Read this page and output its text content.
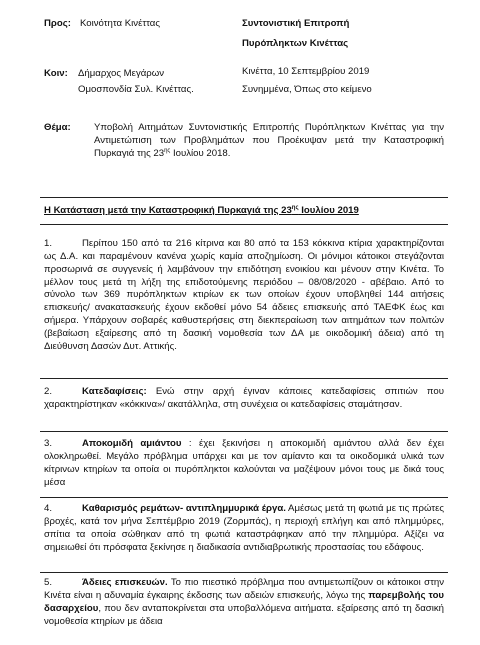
Προς: Κοινότητα Κινέττας
Κοιν: Δήμαρχος Μεγάρων
Ομοσπονδία Συλ. Κινέττας.
Συντονιστική Επιτροπή
Πυρόπληκτων Κινέττας
Κινέττα, 10 Σεπτεμβρίου 2019
Συνημμένα, Όπως στο κείμενο
Θέμα:	Υποβολή Αιτημάτων Συντονιστικής Επιτροπής Πυρόπληκτων Κινέττας για την Αντιμετώπιση των Προβλημάτων που Προέκυψαν μετά την Καταστροφική Πυρκαγιά της $23^{\eta\varsigma}$ Ιουλίου 2018.
Η Κατάσταση μετά την Καταστροφική Πυρκαγιά της $23^{\eta\varsigma}$ Ιουλίου 2019
1.	Περίπου 150 από τα 216 κίτρινα και 80 από τα 153 κόκκινα κτίρια χαρακτηρίζονται ως Δ.Α. και παραμένουν κανένα χωρίς καμία αποζημίωση. Οι μόνιμοι κάτοικοι στεγάζονται προσωρινά σε συγγενείς ή λαμβάνουν την επιδότηση ενοικίου και μένουν στην Κινέτα. Το μέλλον τους μετά τη λήξη της επιδοτούμενης περιόδου – 08/08/2020 - αβέβαιο. Από το σύνολο των 369 πυρόπληκτων κτιρίων εκ των οποίων έχουν υποβληθεί 144 αιτήσεις επισκευής/ ανακατασκευής έχουν εκδοθεί μόνο 54 άδειες επισκευής από ΤΑΕΦΚ έως και σήμερα. Υπάρχουν σοβαρές καθυστερήσεις στη διεκπεραίωση των αιτημάτων των πολιτών (βεβαίωση εξαίρεσης από τη δασική νομοθεσία των ΔΑ με οικοδομική άδεια) από τη Διεύθυνση Δασών Δυτ. Αττικής.
2.	Κατεδαφίσεις: Ενώ στην αρχή έγιναν κάποιες κατεδαφίσεις σπιτιών που χαρακτηρίστηκαν «κόκκινα»/ ακατάλληλα, στη συνέχεια οι κατεδαφίσεις σταμάτησαν.
3.	Αποκομιδή αμιάντου : έχει ξεκινήσει η αποκομιδή αμιάντου αλλά δεν έχει ολοκληρωθεί. Μεγάλο πρόβλημα υπάρχει και με τον αμίαντο και τα οικοδομικά υλικά των κίτρινων κτηρίων τα οποία οι πυρόπληκτοι καλούνται να μαζέψουν μόνοι τους με δικά τους μέσα
4.	Καθαρισμός ρεμάτων- αντιπλημμυρικά έργα. Αμέσως μετά τη φωτιά με τις πρώτες βροχές, κατά τον μήνα Σεπτέμβριο 2019 (Ζορμπάς), η περιοχή επλήγη και από πλημμύρες, σπίτια τα οποία σώθηκαν από τη φωτιά καταστράφηκαν από την πλημμύρα. Αξίζει να σημειωθεί ότι πρόσφατα ξεκίνησε η διαδικασία αντιδιαβρωτικής προστασίας του εδάφους.
5.	Άδειες επισκευών. Το πιο πιεστικό πρόβλημα που αντιμετωπίζουν οι κάτοικοι στην Κινέτα είναι η αδυναμία έγκαιρης έκδοσης των αδειών επισκευής, λόγω της παρεμβολής του δασαρχείου, που δεν ανταποκρίνεται στα υποβαλλόμενα αιτήματα. εξαίρεσης από τη δασική νομοθεσία κτηρίων με άδεια
